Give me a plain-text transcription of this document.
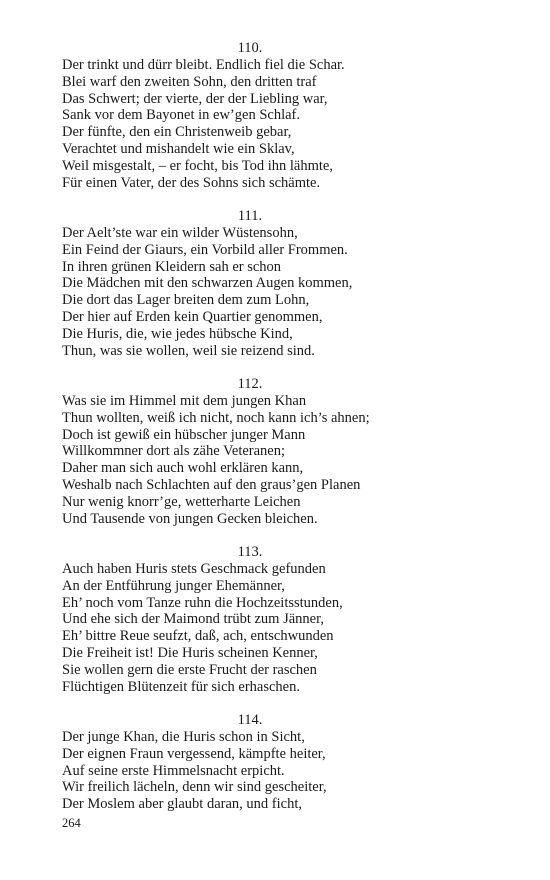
110.
Der trinkt und dürr bleibt. Endlich fiel die Schar.
Blei warf den zweiten Sohn, den dritten traf
Das Schwert; der vierte, der der Liebling war,
Sank vor dem Bayonet in ew’gen Schlaf.
Der fünfte, den ein Christenweib gebar,
Verachtet und mishandelt wie ein Sklav,
Weil misgestalt, – er focht, bis Tod ihn lähmte,
Für einen Vater, der des Sohns sich schämte.
111.
Der Aelt’ste war ein wilder Wüstensohn,
Ein Feind der Giaurs, ein Vorbild aller Frommen.
In ihren grünen Kleidern sah er schon
Die Mädchen mit den schwarzen Augen kommen,
Die dort das Lager breiten dem zum Lohn,
Der hier auf Erden kein Quartier genommen,
Die Huris, die, wie jedes hübsche Kind,
Thun, was sie wollen, weil sie reizend sind.
112.
Was sie im Himmel mit dem jungen Khan
Thun wollten, weiß ich nicht, noch kann ich’s ahnen;
Doch ist gewiß ein hübscher junger Mann
Willkommner dort als zähe Veteranen;
Daher man sich auch wohl erklären kann,
Weshalb nach Schlachten auf den graus’gen Planen
Nur wenig knorr’ge, wetterharte Leichen
Und Tausende von jungen Gecken bleichen.
113.
Auch haben Huris stets Geschmack gefunden
An der Entführung junger Ehemänner,
Eh’ noch vom Tanze ruhn die Hochzeitsstunden,
Und ehe sich der Maimond trübt zum Jänner,
Eh’ bittre Reue seufzt, daß, ach, entschwunden
Die Freiheit ist! Die Huris scheinen Kenner,
Sie wollen gern die erste Frucht der raschen
Flüchtigen Blütenzeit für sich erhaschen.
114.
Der junge Khan, die Huris schon in Sicht,
Der eignen Fraun vergessend, kämpfte heiter,
Auf seine erste Himmelsnacht erpicht.
Wir freilich lächeln, denn wir sind gescheiter,
Der Moslem aber glaubt daran, und ficht,
264
